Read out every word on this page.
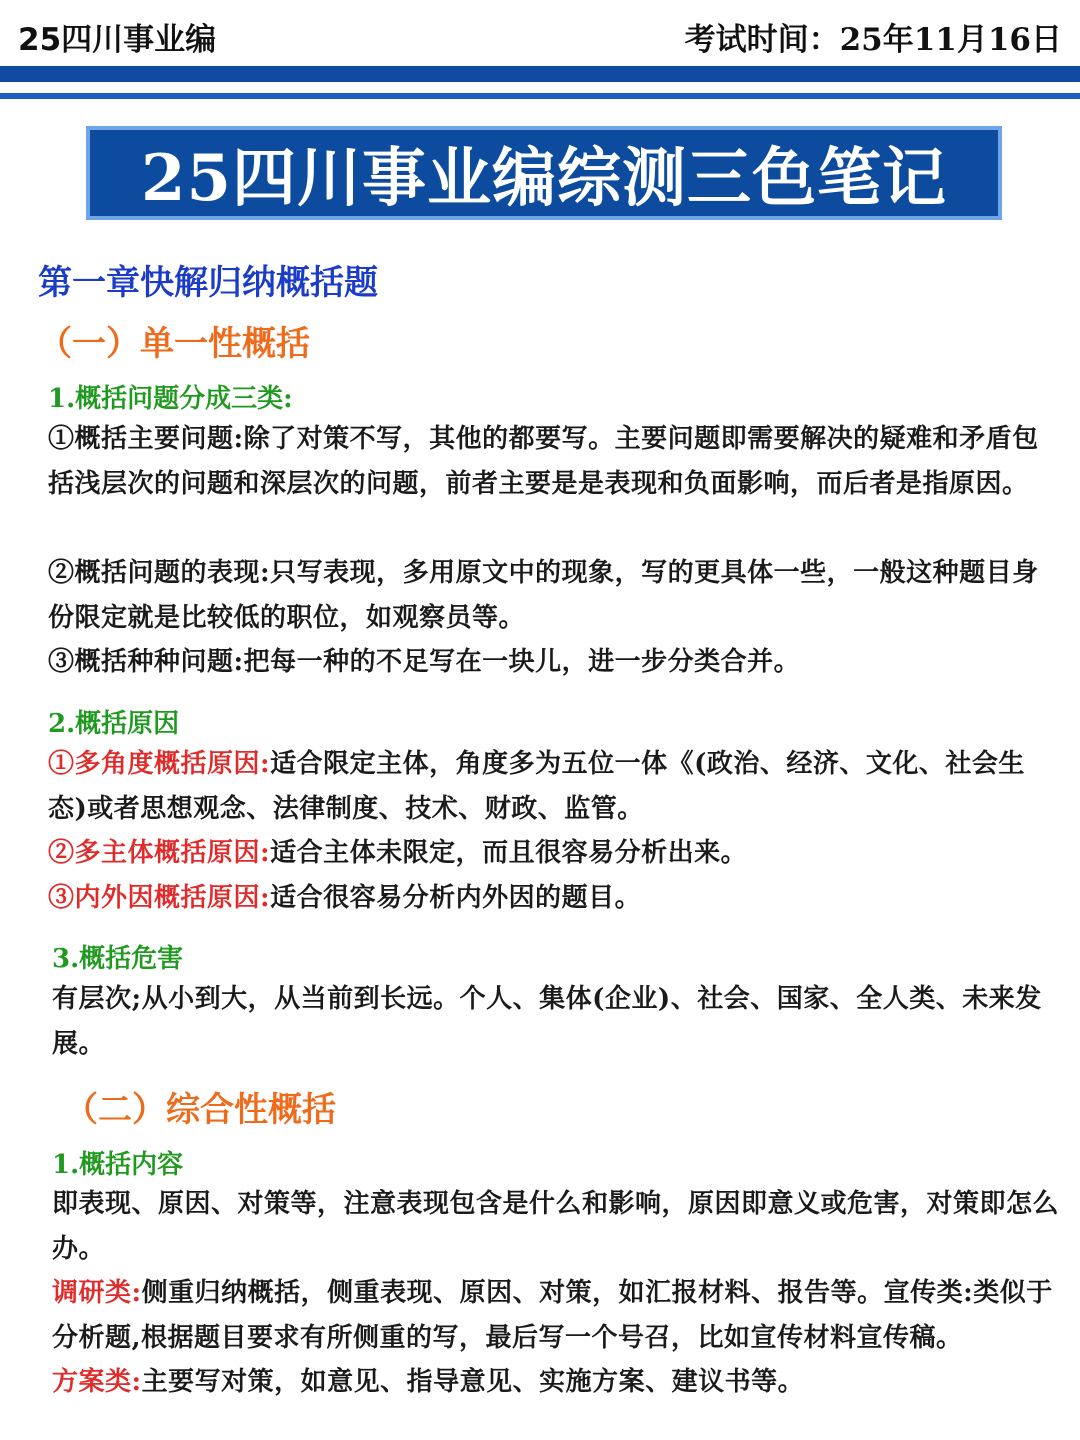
25四川事业编	考试时间：25年11月16日
25四川事业编综测三色笔记
第一章快解归纳概括题
（一）单一性概括
1.概括问题分成三类:
①概括主要问题:除了对策不写，其他的都要写。主要问题即需要解决的疑难和矛盾包括浅层次的问题和深层次的问题，前者主要是是表现和负面影响，而后者是指原因。
②概括问题的表现:只写表现，多用原文中的现象，写的更具体一些，一般这种题目身份限定就是比较低的职位，如观察员等。
③概括种种问题:把每一种的不足写在一块儿，进一步分类合并。
2.概括原因
①多角度概括原因:适合限定主体，角度多为五位一体《(政治、经济、文化、社会生态)或者思想观念、法律制度、技术、财政、监管。
②多主体概括原因:适合主体未限定，而且很容易分析出来。
③内外因概括原因:适合很容易分析内外因的题目。
3.概括危害
有层次;从小到大，从当前到长远。个人、集体(企业)、社会、国家、全人类、未来发展。
（二）综合性概括
1.概括内容
即表现、原因、对策等，注意表现包含是什么和影响，原因即意义或危害，对策即怎么办。
调研类:侧重归纳概括，侧重表现、原因、对策，如汇报材料、报告等。宣传类:类似于分析题,根据题目要求有所侧重的写，最后写一个号召，比如宣传材料宣传稿。
方案类:主要写对策，如意见、指导意见、实施方案、建议书等。
